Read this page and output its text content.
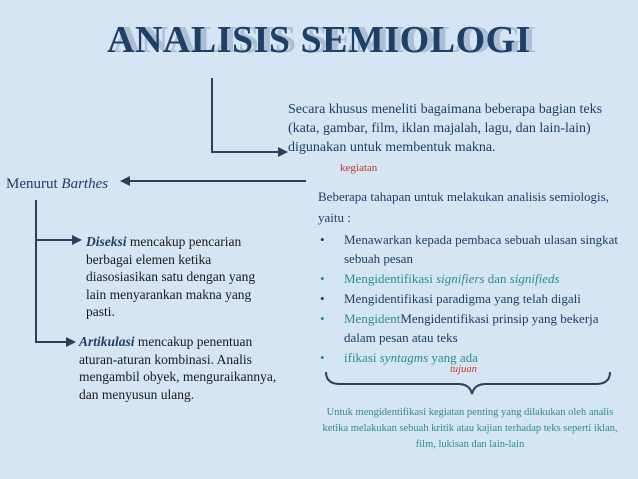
ANALISIS SEMIOLOGI
Secara khusus meneliti bagaimana beberapa bagian teks (kata, gambar, film, iklan majalah, lagu, dan lain-lain) digunakan untuk membentuk makna.
kegiatan
Menurut Barthes
Diseksi mencakup pencarian berbagai elemen ketika diasosiasikan satu dengan yang lain menyarankan makna yang pasti.
Artikulasi mencakup penentuan aturan-aturan kombinasi. Analis mengambil obyek, menguraikannya, dan menyusun ulang.
Beberapa tahapan untuk melakukan analisis semiologis, yaitu :
• Menawarkan kepada pembaca sebuah ulasan singkat sebuah pesan
• Mengidentifikasi signifiers dan signifieds
• Mengidentifikasi paradigma yang telah digali
• MengidentMengidentifikasi prinsip yang bekerja dalam pesan atau teks
• ifikasi syntagms yang ada
tujuan
Untuk mengidentifikasi kegiatan penting yang dilakukan oleh analis ketika melakukan sebuah kritik atau kajian terhadap teks seperti iklan, film, lukisan dan lain-lain
